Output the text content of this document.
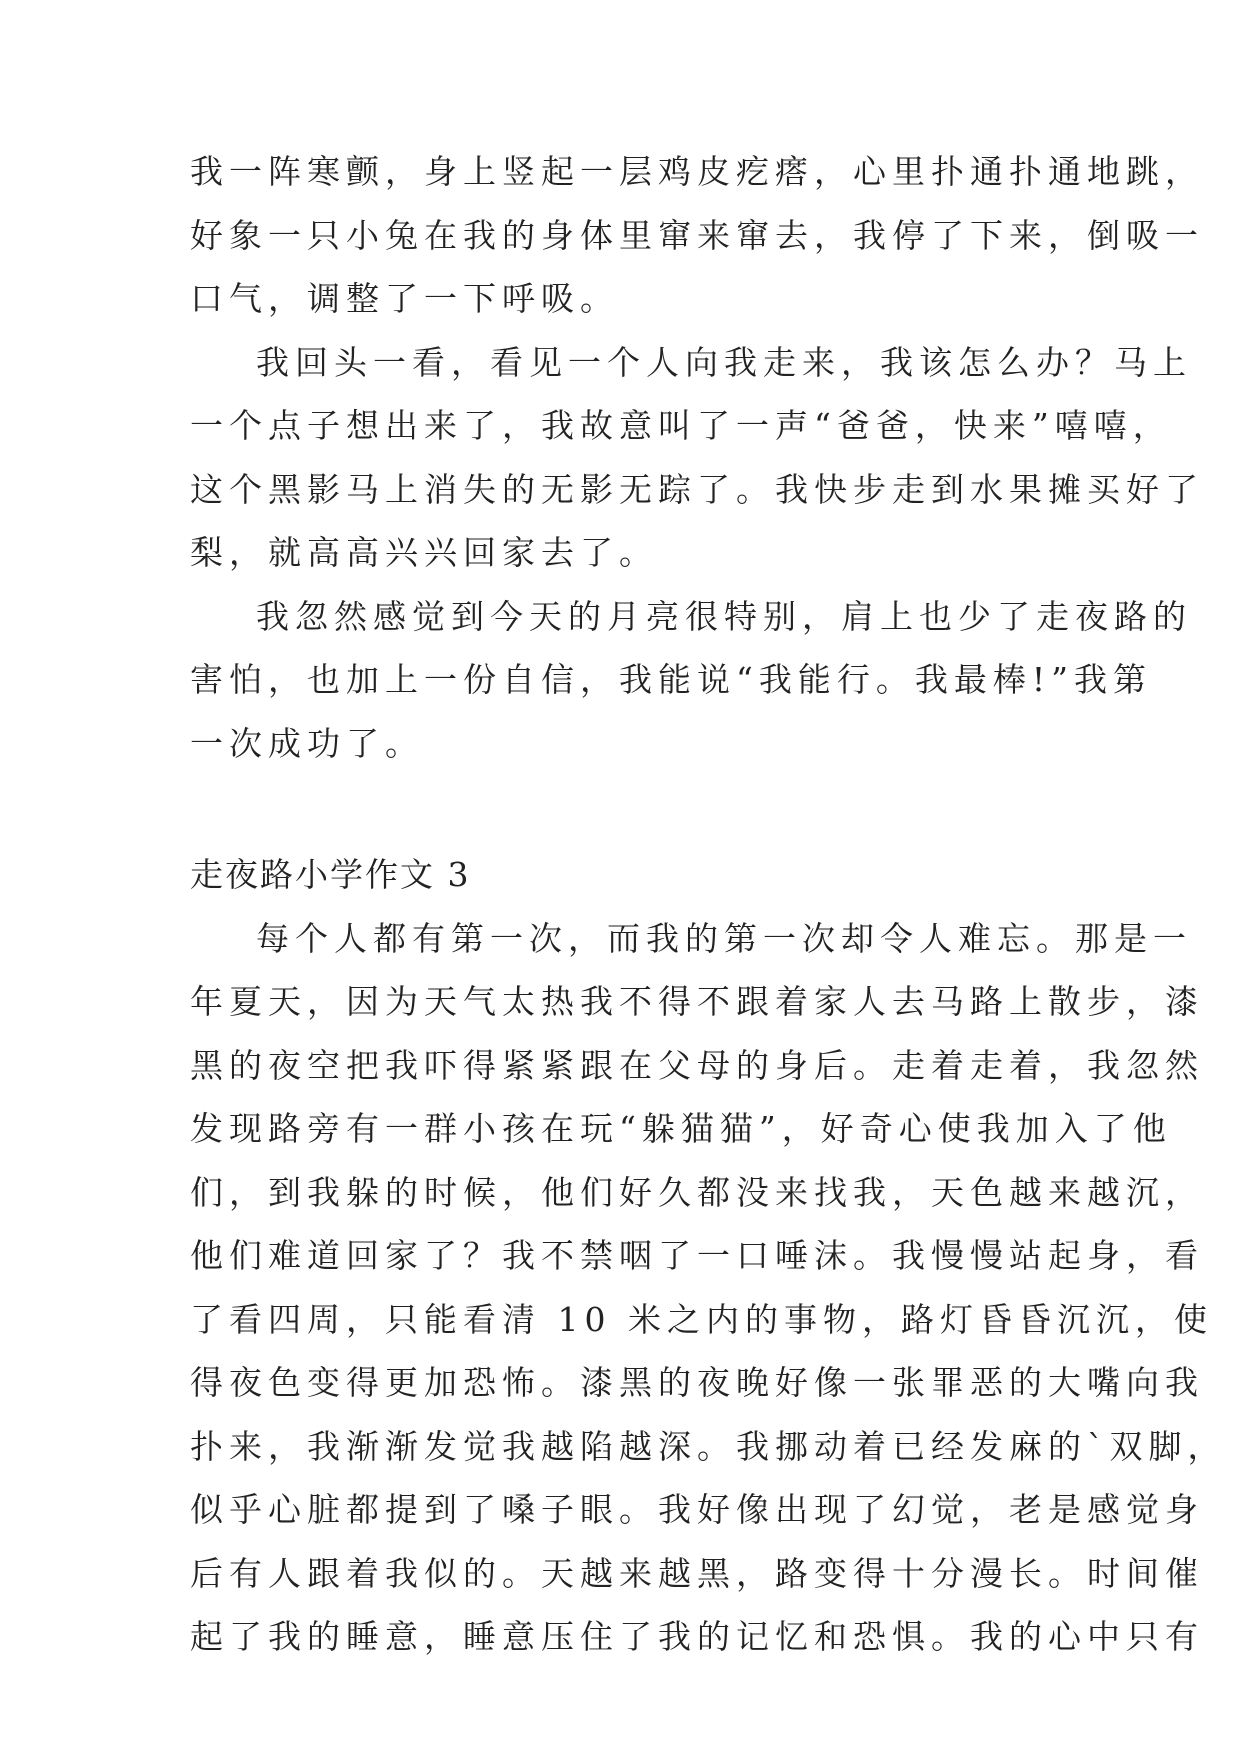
我一阵寒颤，身上竖起一层鸡皮疙瘩，心里扑通扑通地跳，
好象一只小兔在我的身体里窜来窜去，我停了下来，倒吸一
口气，调整了一下呼吸。
我回头一看，看见一个人向我走来，我该怎么办？马上
一个点子想出来了，我故意叫了一声“爸爸，快来”嘻嘻，
这个黑影马上消失的无影无踪了。我快步走到水果摊买好了
梨，就高高兴兴回家去了。
我忽然感觉到今天的月亮很特别，肩上也少了走夜路的
害怕，也加上一份自信，我能说“我能行。我最棒!”我第
一次成功了。
走夜路小学作文 3
每个人都有第一次，而我的第一次却令人难忘。那是一
年夏天，因为天气太热我不得不跟着家人去马路上散步，漆
黑的夜空把我吓得紧紧跟在父母的身后。走着走着，我忽然
发现路旁有一群小孩在玩“躲猫猫”，好奇心使我加入了他
们，到我躲的时候，他们好久都没来找我，天色越来越沉，
他们难道回家了？我不禁咽了一口唾沫。我慢慢站起身，看
了看四周，只能看清 10 米之内的事物，路灯昏昏沉沉，使
得夜色变得更加恐怖。漆黑的夜晚好像一张罪恶的大嘴向我
扑来，我渐渐发觉我越陷越深。我挪动着已经发麻的`双脚，
似乎心脏都提到了嗓子眼。我好像出现了幻觉，老是感觉身
后有人跟着我似的。天越来越黑，路变得十分漫长。时间催
起了我的睡意，睡意压住了我的记忆和恐惧。我的心中只有
